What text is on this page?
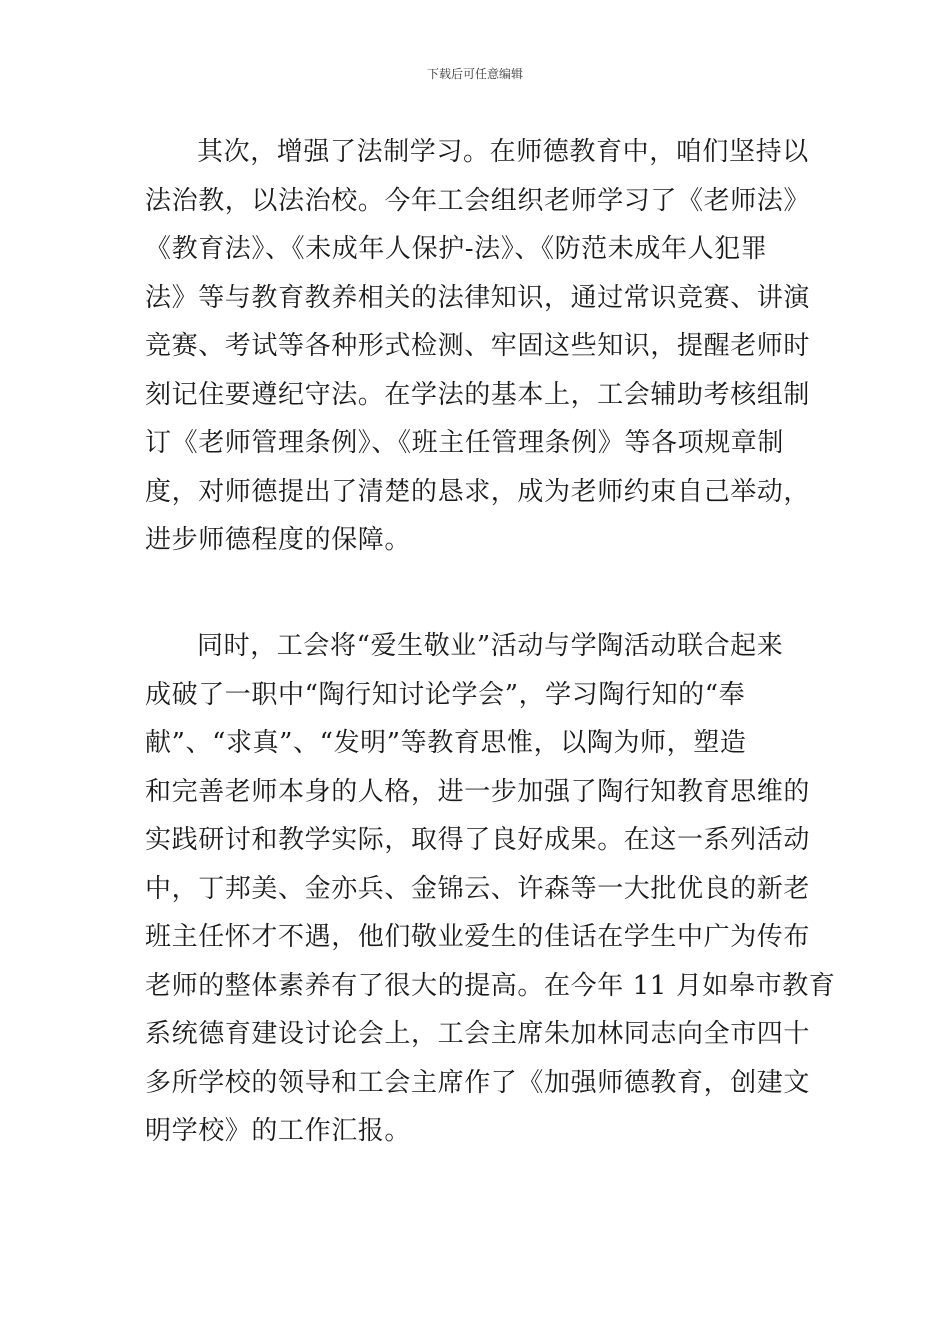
下载后可任意编辑

其次，增强了法制学习。在师德教育中，咱们坚持以
法治教，以法治校。今年工会组织老师学习了《老师法》
《教育法》、《未成年人保护-法》、《防范未成年人犯罪
法》等与教育教养相关的法律知识，通过常识竞赛、讲演
竞赛、考试等各种形式检测、牢固这些知识，提醒老师时
刻记住要遵纪守法。在学法的基本上，工会辅助考核组制
订《老师管理条例》、《班主任管理条例》等各项规章制
度，对师德提出了清楚的恳求，成为老师约束自己举动，
进步师德程度的保障。

同时，工会将“爱生敬业”活动与学陶活动联合起来
成破了一职中“陶行知讨论学会”，学习陶行知的“奉
献”、“求真”、“发明”等教育思惟，以陶为师，塑造
和完善老师本身的人格，进一步加强了陶行知教育思维的
实践研讨和教学实际，取得了良好成果。在这一系列活动
中，丁邦美、金亦兵、金锦云、许森等一大批优良的新老
班主任怀才不遇，他们敬业爱生的佳话在学生中广为传布
老师的整体素养有了很大的提高。在今年 11 月如皋市教育
系统德育建设讨论会上，工会主席朱加林同志向全市四十
多所学校的领导和工会主席作了《加强师德教育，创建文
明学校》的工作汇报。
